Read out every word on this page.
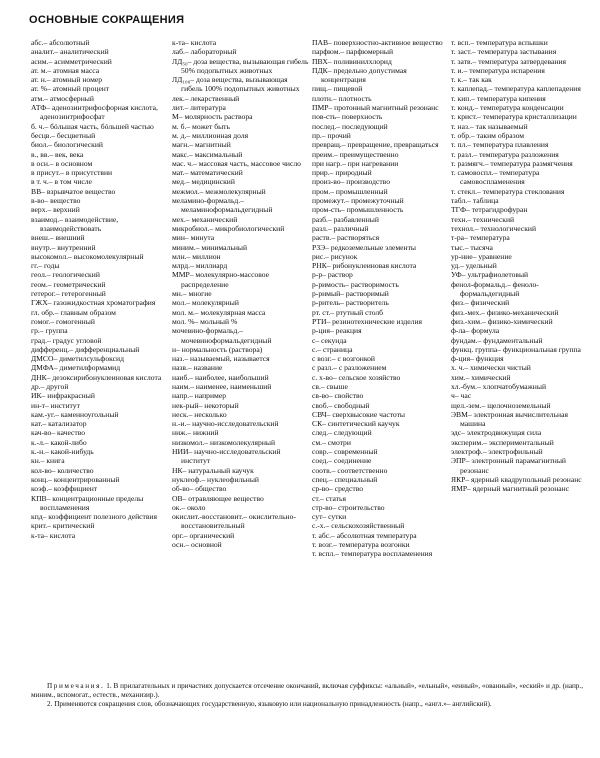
ОСНОВНЫЕ СОКРАЩЕНИЯ
абс.– абсолютный
аналит.– аналитический
асим.– асимметрический
ат. м.– атомная масса
ат. н.– атомный номер
ат. %– атомный процент
атм.– атмосферный
АТФ– аденозинтрифосфорная кислота, аденозинтрифосфат
б. ч.– бóльшая часть, бóльшей частью
бесцв.– бесцветный
биол.– биологический
в., вв.– век, века
в осн.– в основном
в присут.– в присутствии
в т. ч.– в том числе
ВВ– взрывчатое вещество
в-во– вещество
верх.– верхний
взаимод.– взаимодействие, взаимодействовать
внеш.– внешний
внутр.– внутренний
высокомол.– высокомолекулярный
гг.– годы
геол.– геологический
геом.– геометрический
гетерог.– гетерогенный
ГЖХ– газожидкостная хроматография
гл. обр.– главным образом
гомог.– гомогенный
гр.– группа
град.– градус угловой
дифференц.– дифференциальный
ДМСО– диметилсульфоксид
ДМФА– диметилформамид
ДНК– дезоксирибонуклеиновая кислота
др.– другой
ИК– инфракрасный
ин-т– институт
кам.-уг.– каменноугольный
кат.– катализатор
кач-во– качество
к.-л.– какой-либо
к.-н.– какой-нибудь
кн.– книга
кол-во– количество
конц.– концентрированный
коэф.– коэффициент
КПВ– концентрационные пределы воспламенения
кпд– коэффициент полезного действия
крит.– критический
к-та– кислота
к-та– кислота
лаб.– лабораторный
ЛД₅₀– доза вещества, вызывающая гибель 50% подопытных животных
ЛД₁₀₀– доза вещества, вызывающая гибель 100% подопытных животных
лек.– лекарственный
лит.– литература
М– молярность раствора
м. б.– может быть
м. д.– миллионная доля
магн.– магнитный
макс.– максимальный
мас. ч.– массовая часть, массовое число
мат.– математический
мед.– медицинский
межмол.– межмолекулярный
меламино-формальд.– меламиноформальдегидный
мех.– механический
микробиол.– микробиологический
мин– минута
миним.– минимальный
млн.– миллион
млрд.– миллиард
ММР– молекулярно-массовое распределение
мн.– многие
мол.– молекулярный
мол. м.– молекулярная масса
мол. %– мольный %
мочевино-формальд.– мочевиноформальдегидный
н– нормальность (раствора)
наз.– называемый, называется
назв.– название
наиб.– наиболее, наибольший
наим.– наименее, наименьший
напр.– например
нек-рый– некоторый
неск.– несколько
н.-и.– научно-исследовательский
ниж.– нижний
низкомол.– низкомолекулярный
НИИ– научно-исследовательский институт
НК– натуральный каучук
нуклеоф.– нуклеофильный
об-во– общество
ОВ– отравляющее вещество
ок.– около
окислит.-восстановит.– окислительно-восстановительный
орг.– органический
осн.– основной
ПАВ– поверхностно-активное вещество
парфюм.– парфюмерный
ПВХ– поливинилхлорид
ПДК– предельно допустимая концентрация
пищ.– пищевой
плотн.– плотность
ПМР– протонный магнитный резонанс
пов-сть– поверхность
послед.– последующий
пр.– прочий
превращ.– превращение, превращаться
преим.– преимущественно
при нагр.– при нагревании
прир.– природный
произ-во– производство
пром.– промышленный
промежут.– промежуточный
пром-сть– промышленность
разб.– разбавленный
разл.– различный
раств.– растворяться
РЗЭ– редкоземельные элементы
рис.– рисунок
РНК– рибонуклеиновая кислота
р-р– раствор
р-римость– растворимость
р-римый– растворимый
р-ритель– растворитель
рт. ст.– ртутный столб
РТИ– резинотехнические изделия
р-ция– реакция
с– секунда
с.– страница
с возг.– с возгонкой
с разл.– с разложением
с. х-во– сельское хозяйство
св.– свыше
св-во– свойство
своб.– свободный
СВЧ– сверхвысокие частоты
СК– синтетический каучук
след.– следующий
см.– смотри
совр.– современный
соед.– соединение
соотв.– соответственно
спец.– специальный
ср-во– средство
ст.– статья
стр-во– строительство
сут– сутки
с.-х.– сельскохозяйственный
т. абс.– абсолютная температура
т. возг.– температура возгонки
т. вспл.– температура воспламенения
т. всп.– температура вспышки
т. заст.– температура застывания
т. затв.– температура затвердевания
т. и.– температура испарения
т. к.– так как
т. каплепад.– температура каплепадения
т. кип.– температура кипения
т. конд.– температура конденсации
т. крист.– температура кристаллизации
т. наз.– так называемый
т. обр.– таким образом
т. пл.– температура плавления
т. разл.– температура разложения
т. размягч.– температура размягчения
т. самовоспл.– температура самовоспламенения
т. стекл.– температура стеклования
табл.– таблица
ТГФ– тетрагидрофуран
техн.– технический
технол.– технологический
т-ра– температура
тыс.– тысяча
ур-ние– уравнение
уд.– удельный
УФ– ультрафиолетовый
фенол-формальд.– феноло-формальдегидный
физ.– физический
физ.-мех.– физико-механический
физ.-хим.– физико-химический
ф-ла– формула
фундам.– фундаментальный
функц. группа– функциональная группа
ф-ция– функция
х. ч.– химически чистый
хим.– химический
хл.-бум.– хлопчатобумажный
ч– час
щел.-зем.– щелочноземельный
ЭВМ– электронная вычислительная машина
эдс– электродвижущая сила
эксперим.– экспериментальный
электроф.– электрофильный
ЭПР– электронный парамагнитный резонанс
ЯКР– ядерный квадрупольный резонанс
ЯМР– ядерный магнитный резонанс

Примечания. 1. В прилагательных и причастиях допускается отсечение окончаний, включая суффиксы: «альный», «ельный», «енный», «ованный», «еский» и др. (напр., миним., вспомогат., естеств., механизир.).

2. Применяются сокращения слов, обозначающих государственную, языковую или национальную принадлежность (напр., «англ.»– английский).
